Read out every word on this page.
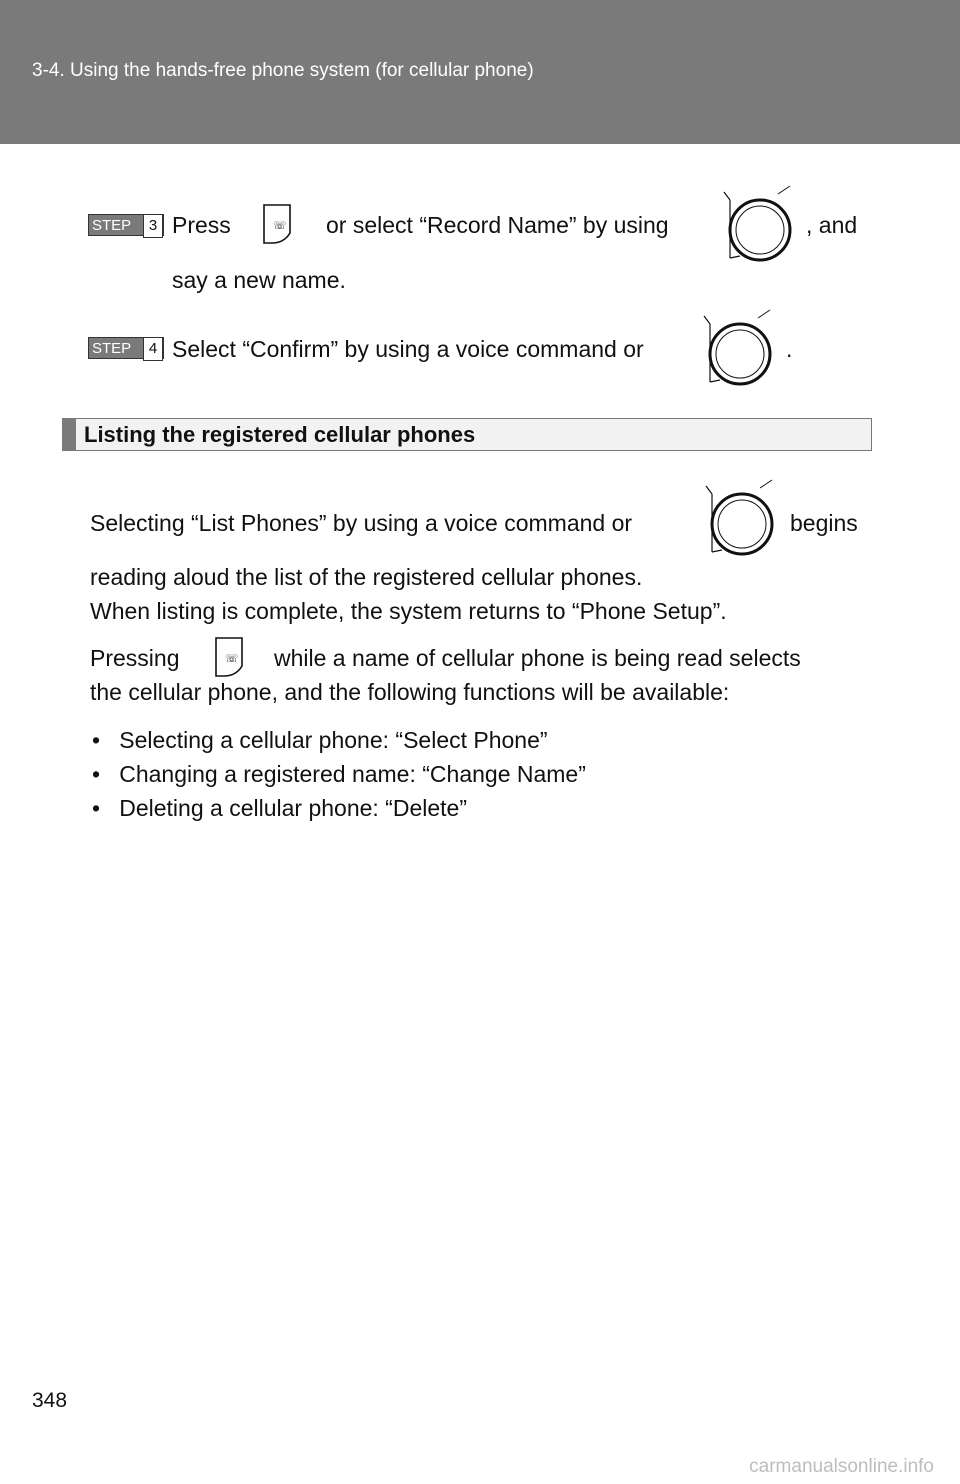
3-4. Using the hands-free phone system (for cellular phone)
STEP	3 Press	☏ or select “Record Name” by using	, and
say a new name.
STEP	4 Select “Confirm” by using a voice command or	.
Listing the registered cellular phones
Selecting “List Phones” by using a voice command or	begins
reading aloud the list of the registered cellular phones.
When listing is complete, the system returns to “Phone Setup”.
Pressing	☏ while a name of cellular phone is being read selects
the cellular phone, and the following functions will be available:
•   Selecting a cellular phone: “Select Phone”
•   Changing a registered name: “Change Name”
•   Deleting a cellular phone: “Delete”
348
carmanualsonline.info
